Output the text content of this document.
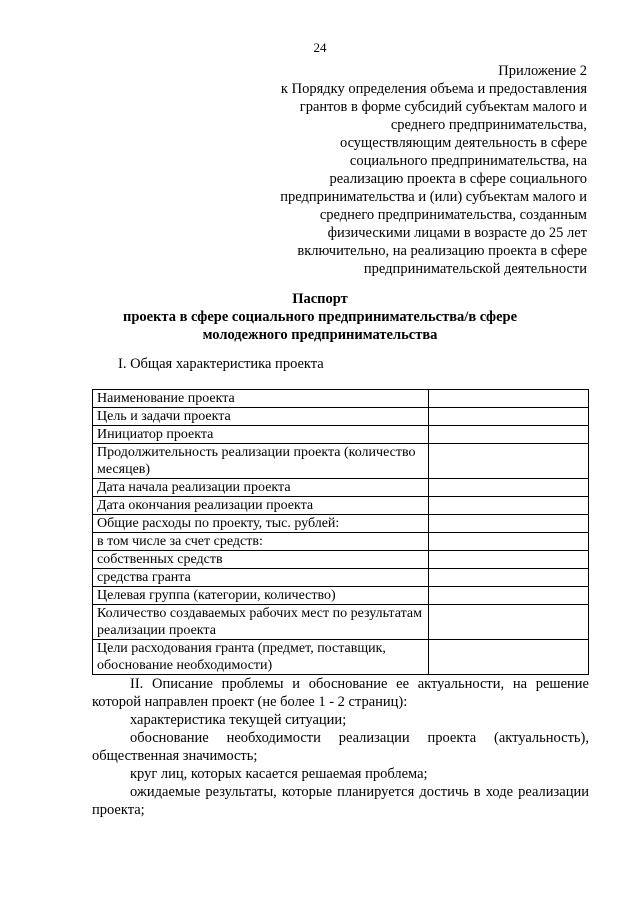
24
Приложение 2
к Порядку определения объема и предоставления
грантов в форме субсидий субъектам малого и
среднего предпринимательства,
осуществляющим деятельность в сфере
социального предпринимательства, на
реализацию проекта в сфере социального
предпринимательства и (или) субъектам малого и
среднего предпринимательства, созданным
физическими лицами в возрасте до 25 лет
включительно, на реализацию проекта в сфере
предпринимательской деятельности
Паспорт
проекта в сфере социального предпринимательства/в сфере
молодежного предпринимательства
I. Общая характеристика проекта
Наименование проекта	
Цель и задачи проекта	
Инициатор проекта	
Продолжительность реализации проекта (количество месяцев)	
Дата начала реализации проекта	
Дата окончания реализации проекта	
Общие расходы по проекту, тыс. рублей:	
в том числе за счет средств:	
собственных средств	
средства гранта	
Целевая группа (категории, количество)	
Количество создаваемых рабочих мест по результатам реализации проекта	
Цели расходования гранта (предмет, поставщик, обоснование необходимости)	

II. Описание проблемы и обоснование ее актуальности, на решение которой направлен проект (не более 1 - 2 страниц):

характеристика текущей ситуации;

обоснование необходимости реализации проекта (актуальность), общественная значимость;

круг лиц, которых касается решаемая проблема;

ожидаемые результаты, которые планируется достичь в ходе реализации проекта;
